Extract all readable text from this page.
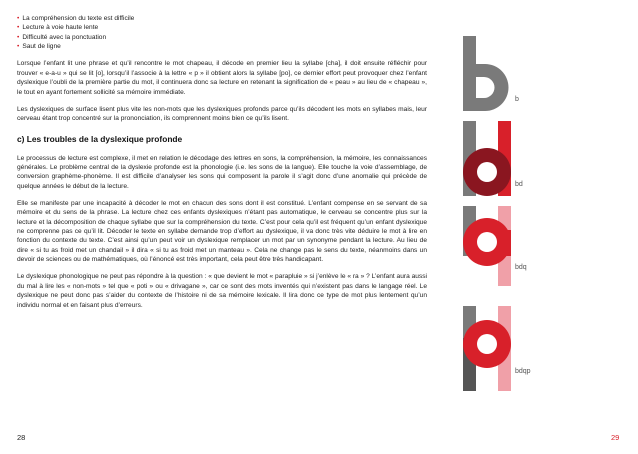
• La compréhension du texte est difficile
• Lecture à voie haute lente
• Difficulté avec la ponctuation
• Saut de ligne

Lorsque l’enfant lit une phrase et qu’il rencontre le mot chapeau, il décode en premier lieu la syllabe [cha], il doit ensuite réfléchir pour trouver « e-a-u » qui se lit [o], lorsqu’il l’associe à la lettre « p » il obtient alors la syllabe [po], ce dernier effort peut provoquer chez l’enfant dyslexique l’oubli de la première partie du mot, il continuera donc sa lecture en retenant la signification de « peau » au lieu de « chapeau », le tout en ayant fortement sollicité sa mémoire immédiate.

Les dyslexiques de surface lisent plus vite les non-mots que les dyslexiques profonds parce qu’ils décodent les mots en syllabes mais, leur cerveau étant trop concentré sur la prononciation, ils comprennent moins bien ce qu’ils lisent.

c) Les troubles de la dyslexique profonde

Le processus de lecture est complexe, il met en relation le décodage des lettres en sons, la compréhension, la mémoire, les connaissances générales. Le problème central de la dyslexie profonde est la phonologie (i.e. les sons de la langue). Elle touche la voie d’assemblage, de conversion graphème-phonème. Il est difficile d’analyser les sons qui composent la parole il s’agit donc d’une anomalie qui précède de quelque années le début de la lecture.

Elle se manifeste par une incapacité à décoder le mot en chacun des sons dont il est constitué. L’enfant compense en se servant de sa mémoire et du sens de la phrase. La lecture chez ces enfants dyslexiques n’étant pas automatique, le cerveau se concentre plus sur la lecture et la décomposition de chaque syllabe que sur la compréhension du texte. C’est pour cela qu’il est fréquent qu’un enfant dyslexique ne comprenne pas ce qu’il lit. Décoder le texte en syllabe demande trop d’effort au dyslexique, il va donc très vite déduire le mot à lire en fonction du contexte du texte. C’est ainsi qu’un peut voir un dyslexique remplacer un mot par un synonyme pendant la lecture. Au lieu de dire « si tu as froid met un chandail » il dira « si tu as froid met un manteau ». Cela ne change pas le sens du texte, néanmoins dans un devoir de sciences ou de mathématiques, où l’énoncé est très important, cela peut être très handicapant.

Le dyslexique phonologique ne peut pas répondre à la question : « que devient le mot « parapluie » si j’enlève le « ra » ? L’enfant aura aussi du mal à lire les « non-mots » tel que « poti » ou « drivagane », car ce sont des mots inventés qui n’existent pas dans le langage réel. Le dyslexique ne peut donc pas s’aider du contexte de l’histoire ni de sa mémoire lexicale. Il lira donc ce type de mot plus lentement qu’un individu normal et en faisant plus d’erreurs.

28
b
bd
bdq
bdqp
29
